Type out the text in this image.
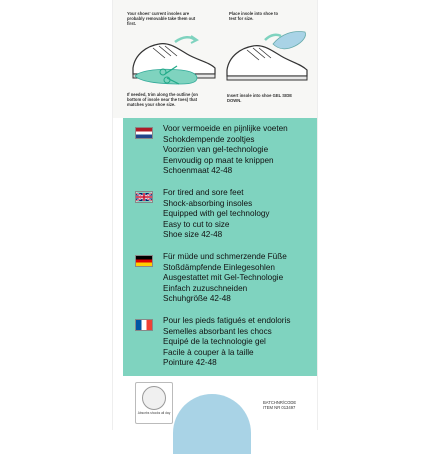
Your shoes' current insoles are probably removable take them out first.
Place insole into shoe to test for size.
If needed, trim along the outline (on bottom of insole near the toes) that matches your shoe size.
Insert insole into shoe GEL SIDE DOWN.
Voor vermoeide en pijnlijke voeten
Schokdempende zooltjes
Voorzien van gel-technologie
Eenvoudig op maat te knippen
Schoenmaat 42-48
For tired and sore feet
Shock-absorbing insoles
Equipped with gel technology
Easy to cut to size
Shoe size 42-48
Für müde und schmerzende Füße
Stoßdämpfende Einlegesohlen
Ausgestattet mit Gel-Technologie
Einfach zuzuschneiden
Schuhgröße 42-48
Pour les pieds fatigués et endoloris
Semelles absorbant les chocs
Equipé de la technologie gel
Facile à couper à la taille
Pointure 42-48
Absorbs shocks all day
BATCHNR/CODE
ITEM NR 013497
